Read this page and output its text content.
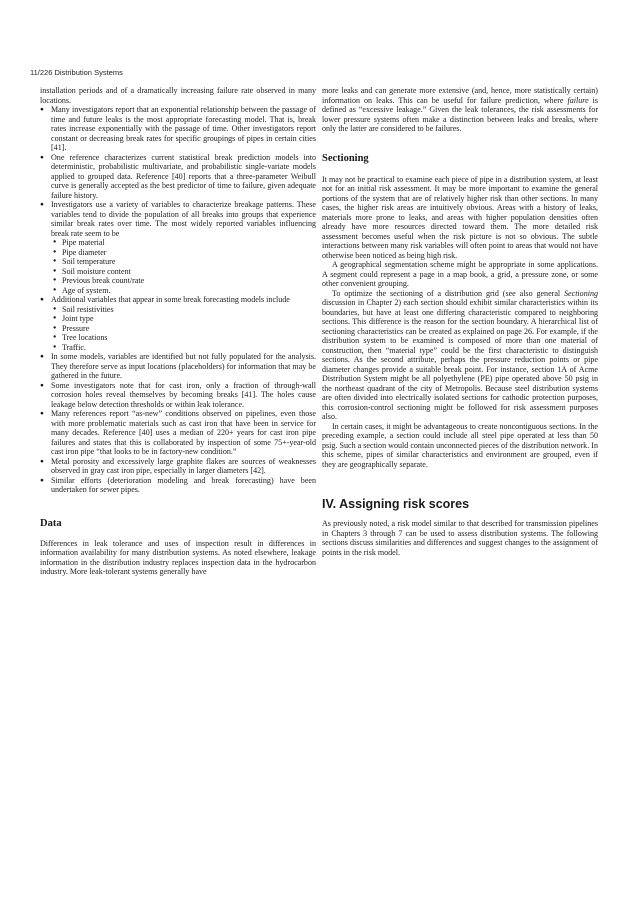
11/226 Distribution Systems

installation periods and of a dramatically increasing failure rate observed in many locations.

● Many investigators report that an exponential relationship between the passage of time and future leaks is the most appropriate forecasting model. That is, break rates increase exponentially with the passage of time. Other investigators report constant or decreasing break rates for specific groupings of pipes in certain cities [41].
● One reference characterizes current statistical break prediction models into deterministic, probabilistic multivariate, and probabilistic single-variate models applied to grouped data. Reference [40] reports that a three-parameter Weibull curve is generally accepted as the best predictor of time to failure, given adequate failure history.
● Investigators use a variety of variables to characterize breakage patterns. These variables tend to divide the population of all breaks into groups that experience similar break rates over time. The most widely reported variables influencing break rate seem to be
● Pipe material
● Pipe diameter
● Soil temperature
● Soil moisture content
● Previous break count/rate
● Age of system.
● Additional variables that appear in some break forecasting models include
● Soil resistivities
● Joint type
● Pressure
● Tree locations
● Traffic.
● In some models, variables are identified but not fully populated for the analysis. They therefore serve as input locations (placeholders) for information that may be gathered in the future.
● Some investigators note that for cast iron, only a fraction of through-wall corrosion holes reveal themselves by becoming breaks [41]. The holes cause leakage below detection thresholds or within leak tolerance.
● Many references report “as-new” conditions observed on pipelines, even those with more problematic materials such as cast iron that have been in service for many decades. Reference [40] uses a median of 220+ years for cast iron pipe failures and states that this is collaborated by inspection of some 75+-year-old cast iron pipe “that looks to be in factory-new condition.”
● Metal porosity and excessively large graphite flakes are sources of weaknesses observed in gray cast iron pipe, especially in larger diameters [42].
● Similar efforts (deterioration modeling and break forecasting) have been undertaken for sewer pipes.
Data

Differences in leak tolerance and uses of inspection result in differences in information availability for many distribution systems. As noted elsewhere, leakage information in the distribution industry replaces inspection data in the hydrocarbon industry. More leak-tolerant systems generally have

more leaks and can generate more extensive (and, hence, more statistically certain) information on leaks. This can be useful for failure prediction, where failure is defined as “excessive leakage.” Given the leak tolerances, the risk assessments for lower pressure systems often make a distinction between leaks and breaks, where only the latter are considered to be failures.

Sectioning

It may not be practical to examine each piece of pipe in a distribution system, at least not for an initial risk assessment. It may be more important to examine the general portions of the system that are of relatively higher risk than other sections. In many cases, the higher risk areas are intuitively obvious. Areas with a history of leaks, materials more prone to leaks, and areas with higher population densities often already have more resources directed toward them. The more detailed risk assessment becomes useful when the risk picture is not so obvious. The subtle interactions between many risk variables will often point to areas that would not have otherwise been noticed as being high risk.

A geographical segmentation scheme might be appropriate in some applications. A segment could represent a page in a map book, a grid, a pressure zone, or some other convenient grouping.

To optimize the sectioning of a distribution grid (see also general Sectioning discussion in Chapter 2) each section should exhibit similar characteristics within its boundaries, but have at least one differing characteristic compared to neighboring sections. This difference is the reason for the section boundary. A hierarchical list of sectioning characteristics can be created as explained on page 26. For example, if the distribution system to be examined is composed of more than one material of construction, then “material type” could be the first characteristic to distinguish sections. As the second attribute, perhaps the pressure reduction points or pipe diameter changes provide a suitable break point. For instance, section 1A of Acme Distribution System might be all polyethylene (PE) pipe operated above 50 psig in the northeast quadrant of the city of Metropolis. Because steel distribution systems are often divided into electrically isolated sections for cathodic protection purposes, this corrosion-control sectioning might be followed for risk assessment purposes also.

In certain cases, it might be advantageous to create noncontiguous sections. In the preceding example, a section could include all steel pipe operated at less than 50 psig. Such a section would contain unconnected pieces of the distribution network. In this scheme, pipes of similar characteristics and environment are grouped, even if they are geographically separate.

IV. Assigning risk scores

As previously noted, a risk model similar to that described for transmission pipelines in Chapters 3 through 7 can be used to assess distribution systems. The following sections discuss similarities and differences and suggest changes to the assignment of points in the risk model.
